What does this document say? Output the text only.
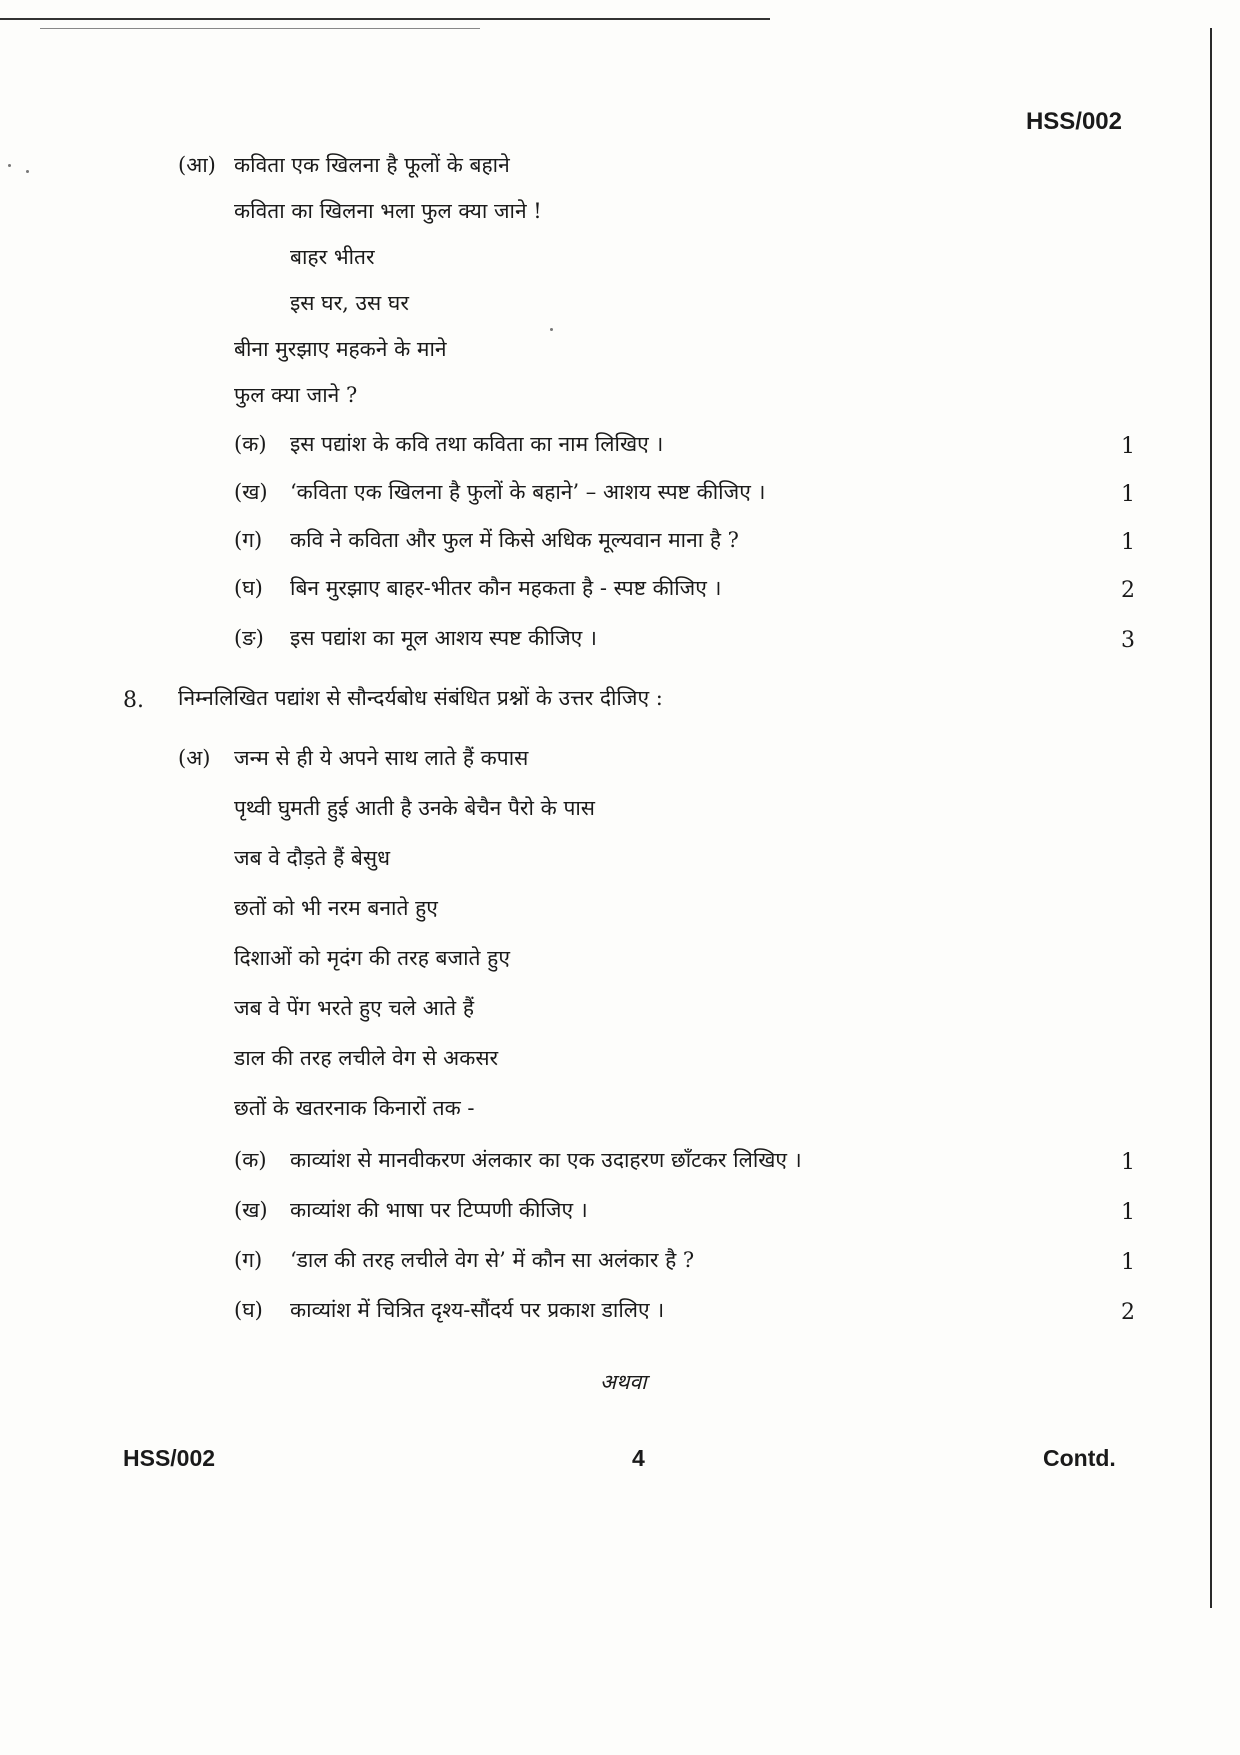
HSS/002
(आ) कविता एक खिलना है फूलों के बहाने
कविता का खिलना भला फुल क्या जाने !
बाहर भीतर
इस घर, उस घर
बीना मुरझाए महकने के माने
फुल क्या जाने ?
(क) इस पद्यांश के कवि तथा कविता का नाम लिखिए ।	1
(ख) ‘कविता एक खिलना है फुलों के बहाने’ – आशय स्पष्ट कीजिए ।	1
(ग) कवि ने कविता और फुल में किसे अधिक मूल्यवान माना है ?	1
(घ) बिन मुरझाए बाहर-भीतर कौन महकता है - स्पष्ट कीजिए ।	2
(ङ) इस पद्यांश का मूल आशय स्पष्ट कीजिए ।	3
8. निम्नलिखित पद्यांश से सौन्दर्यबोध संबंधित प्रश्नों के उत्तर दीजिए :
(अ) जन्म से ही ये अपने साथ लाते हैं कपास
पृथ्वी घुमती हुई आती है उनके बेचैन पैरो के पास
जब वे दौड़ते हैं बेसुध
छतों को भी नरम बनाते हुए
दिशाओं को मृदंग की तरह बजाते हुए
जब वे पेंग भरते हुए चले आते हैं
डाल की तरह लचीले वेग से अकसर
छतों के खतरनाक किनारों तक -
(क) काव्यांश से मानवीकरण अंलकार का एक उदाहरण छाँटकर लिखिए ।	1
(ख) काव्यांश की भाषा पर टिप्पणी कीजिए ।	1
(ग) ‘डाल की तरह लचीले वेग से’ में कौन सा अलंकार है ?	1
(घ) काव्यांश में चित्रित दृश्य-सौंदर्य पर प्रकाश डालिए ।	2
अथवा
HSS/002	4	Contd.
